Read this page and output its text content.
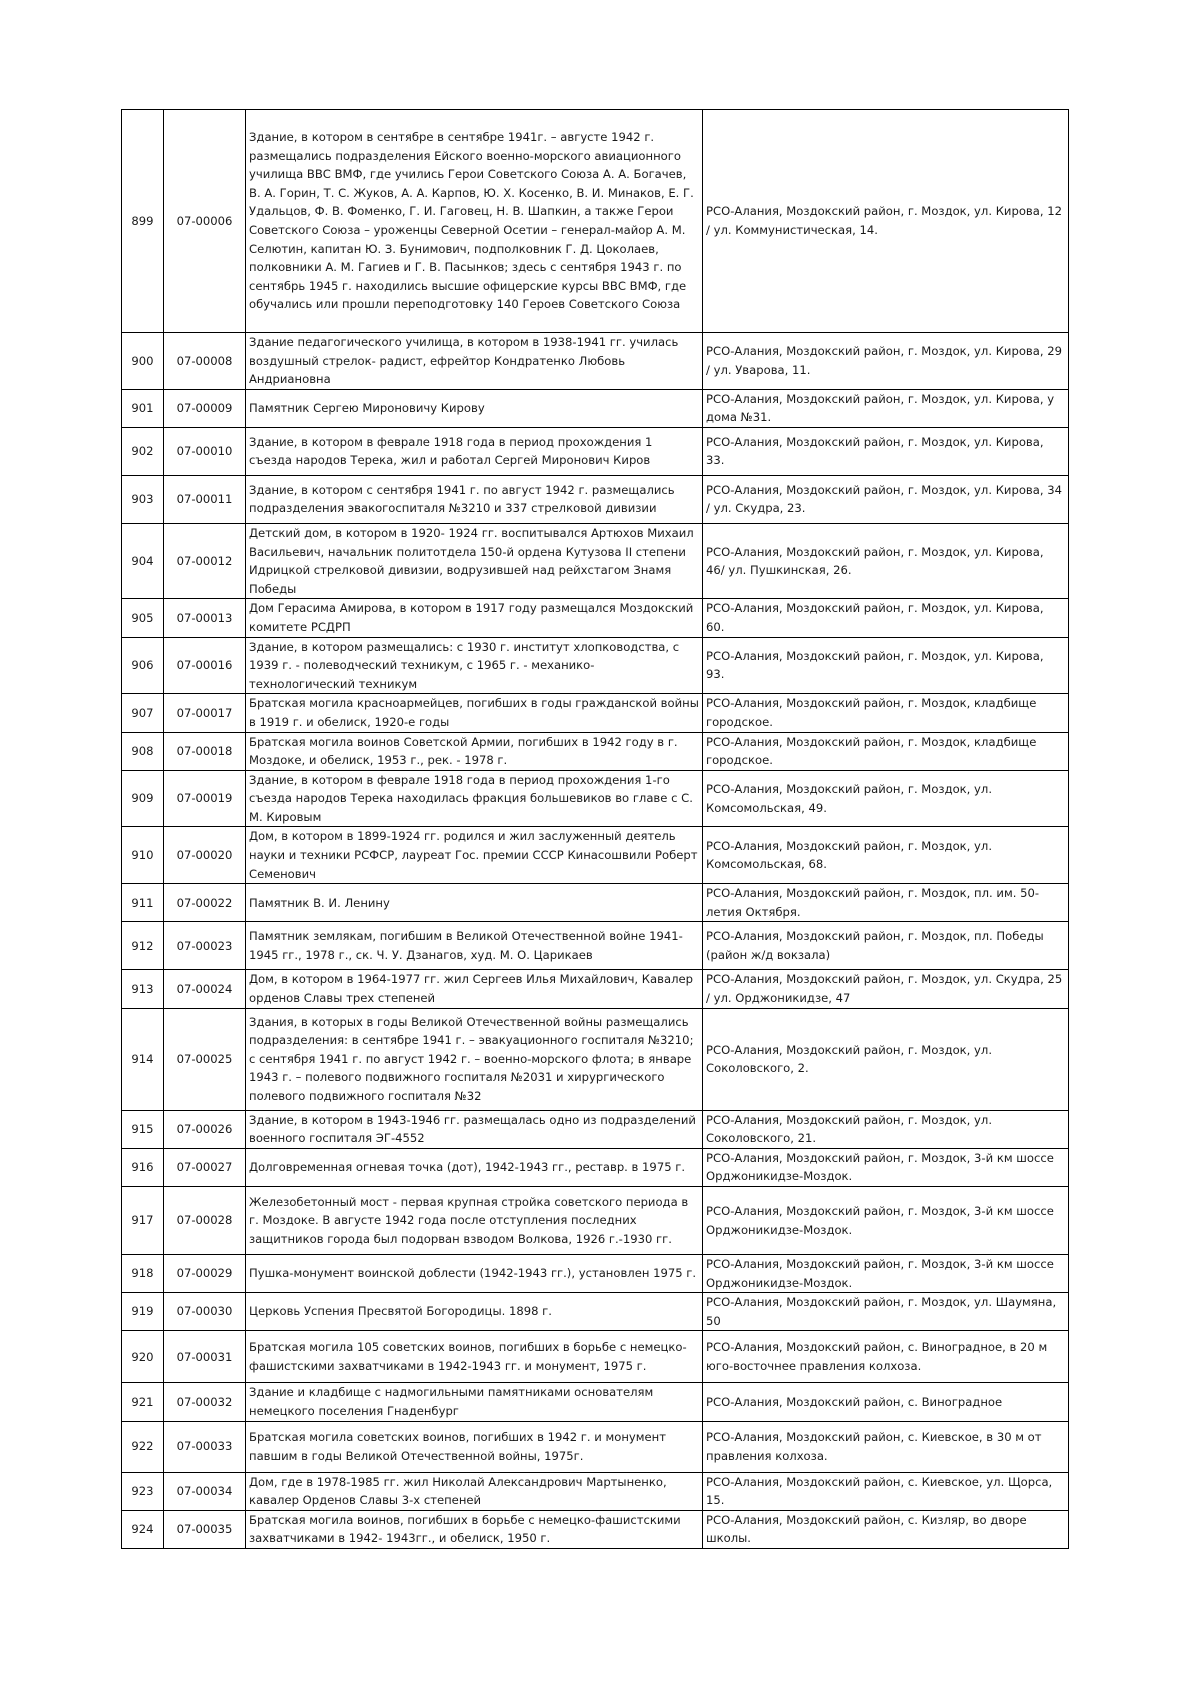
899	07-00006	Здание, в котором в сентябре в сентябре 1941г. – августе 1942 г. размещались подразделения Ейского военно-морского авиационного училища ВВС ВМФ, где учились Герои Советского Союза А. А. Богачев, В. А. Горин, Т. С. Жуков, А. А. Карпов, Ю. Х. Косенко, В. И. Минаков, Е. Г. Удальцов, Ф. В. Фоменко, Г. И. Гаговец, Н. В. Шапкин, а также Герои Советского Союза – уроженцы Северной Осетии – генерал-майор А. М. Селютин, капитан Ю. З. Бунимович, подполковник Г. Д. Цоколаев, полковники А. М. Гагиев и Г. В. Пасынков; здесь с сентября 1943 г. по сентябрь 1945 г. находились высшие офицерские курсы ВВС ВМФ, где обучались или прошли переподготовку 140 Героев Советского Союза	РСО-Алания, Моздокский район, г. Моздок, ул. Кирова, 12 / ул. Коммунистическая, 14.
900	07-00008	Здание педагогического училища, в котором в 1938-1941 гг. училась воздушный стрелок- радист, ефрейтор Кондратенко Любовь Андриановна	РСО-Алания, Моздокский район, г. Моздок, ул. Кирова, 29 / ул. Уварова, 11.
901	07-00009	Памятник Сергею Мироновичу Кирову	РСО-Алания, Моздокский район, г. Моздок, ул. Кирова, у дома №31.
902	07-00010	Здание, в котором в феврале 1918 года в период прохождения 1 съезда народов Терека, жил и работал Сергей Миронович Киров	РСО-Алания, Моздокский район, г. Моздок, ул. Кирова, 33.
903	07-00011	Здание, в котором с сентября 1941 г. по август 1942 г. размещались подразделения эвакогоспиталя №3210 и 337 стрелковой дивизии	РСО-Алания, Моздокский район, г. Моздок, ул. Кирова, 34 / ул. Скудра, 23.
904	07-00012	Детский дом, в котором в 1920- 1924 гг. воспитывался Артюхов Михаил Васильевич, начальник политотдела 150-й ордена Кутузова II степени Идрицкой стрелковой дивизии, водрузившей над рейхстагом Знамя Победы	РСО-Алания, Моздокский район, г. Моздок, ул. Кирова, 46/ ул. Пушкинская, 26.
905	07-00013	Дом Герасима Амирова, в котором в 1917 году размещался Моздокский комитете РСДРП	РСО-Алания, Моздокский район, г. Моздок, ул. Кирова, 60.
906	07-00016	Здание, в котором размещались: с 1930 г. институт хлопководства, с 1939 г. - полеводческий техникум, с 1965 г. - механико-технологический техникум	РСО-Алания, Моздокский район, г. Моздок, ул. Кирова, 93.
907	07-00017	Братская могила красноармейцев, погибших в годы гражданской войны в 1919 г. и обелиск, 1920-е годы	РСО-Алания, Моздокский район, г. Моздок, кладбище городское.
908	07-00018	Братская могила воинов Советской Армии, погибших в 1942 году в г. Моздоке, и обелиск, 1953 г., рек. - 1978 г.	РСО-Алания, Моздокский район, г. Моздок, кладбище городское.
909	07-00019	Здание, в котором в феврале 1918 года в период прохождения 1-го съезда народов Терека находилась фракция большевиков во главе с С. М. Кировым	РСО-Алания, Моздокский район, г. Моздок, ул. Комсомольская, 49.
910	07-00020	Дом, в котором в 1899-1924 гг. родился и жил заслуженный деятель науки и техники РСФСР, лауреат Гос. премии СССР Кинасошвили Роберт Семенович	РСО-Алания, Моздокский район, г. Моздок, ул. Комсомольская, 68.
911	07-00022	Памятник В. И. Ленину	РСО-Алания, Моздокский район, г. Моздок, пл. им. 50-летия Октября.
912	07-00023	Памятник землякам, погибшим в Великой Отечественной войне 1941-1945 гг., 1978 г., ск. Ч. У. Дзанагов, худ. М. О. Царикаев	РСО-Алания, Моздокский район, г. Моздок, пл. Победы (район ж/д вокзала)
913	07-00024	Дом, в котором в 1964-1977 гг. жил Сергеев Илья Михайлович, Кавалер орденов Славы трех степеней	РСО-Алания, Моздокский район, г. Моздок, ул. Скудра, 25 / ул. Орджоникидзе, 47
914	07-00025	Здания, в которых в годы Великой Отечественной войны размещались подразделения: в сентябре 1941 г. – эвакуационного госпиталя №3210; с сентября 1941 г. по август 1942 г. – военно-морского флота; в январе 1943 г. – полевого подвижного госпиталя №2031 и хирургического полевого подвижного госпиталя №32	РСО-Алания, Моздокский район, г. Моздок, ул. Соколовского, 2.
915	07-00026	Здание, в котором в 1943-1946 гг. размещалась одно из подразделений военного госпиталя ЭГ-4552	РСО-Алания, Моздокский район, г. Моздок, ул. Соколовского, 21.
916	07-00027	Долговременная огневая точка (дот), 1942-1943 гг., реставр. в 1975 г.	РСО-Алания, Моздокский район, г. Моздок, 3-й км шоссе Орджоникидзе-Моздок.
917	07-00028	Железобетонный мост - первая крупная стройка советского периода в г. Моздоке. В августе 1942 года после отступления последних защитников города был подорван взводом Волкова, 1926 г.-1930 гг.	РСО-Алания, Моздокский район, г. Моздок, 3-й км шоссе Орджоникидзе-Моздок.
918	07-00029	Пушка-монумент воинской доблести (1942-1943 гг.), установлен 1975 г.	РСО-Алания, Моздокский район, г. Моздок, 3-й км шоссе Орджоникидзе-Моздок.
919	07-00030	Церковь Успения Пресвятой Богородицы. 1898 г.	РСО-Алания, Моздокский район, г. Моздок, ул. Шаумяна, 50
920	07-00031	Братская могила 105 советских воинов, погибших в борьбе с немецко-фашистскими захватчиками в 1942-1943 гг. и монумент, 1975 г.	РСО-Алания, Моздокский район, с. Виноградное, в 20 м юго-восточнее правления колхоза.
921	07-00032	Здание и кладбище с надмогильными памятниками основателям немецкого поселения Гнаденбург	РСО-Алания, Моздокский район, с. Виноградное
922	07-00033	Братская могила советских воинов, погибших в 1942 г. и монумент павшим в годы Великой Отечественной войны, 1975г.	РСО-Алания, Моздокский район, с. Киевское, в 30 м от правления колхоза.
923	07-00034	Дом, где в 1978-1985 гг. жил Николай Александрович Мартыненко, кавалер Орденов Славы 3-х степеней	РСО-Алания, Моздокский район, с. Киевское, ул. Щорса, 15.
924	07-00035	Братская могила воинов, погибших в борьбе с немецко-фашистскими захватчиками в 1942- 1943гг., и обелиск, 1950 г.	РСО-Алания, Моздокский район, с. Кизляр, во дворе школы.
